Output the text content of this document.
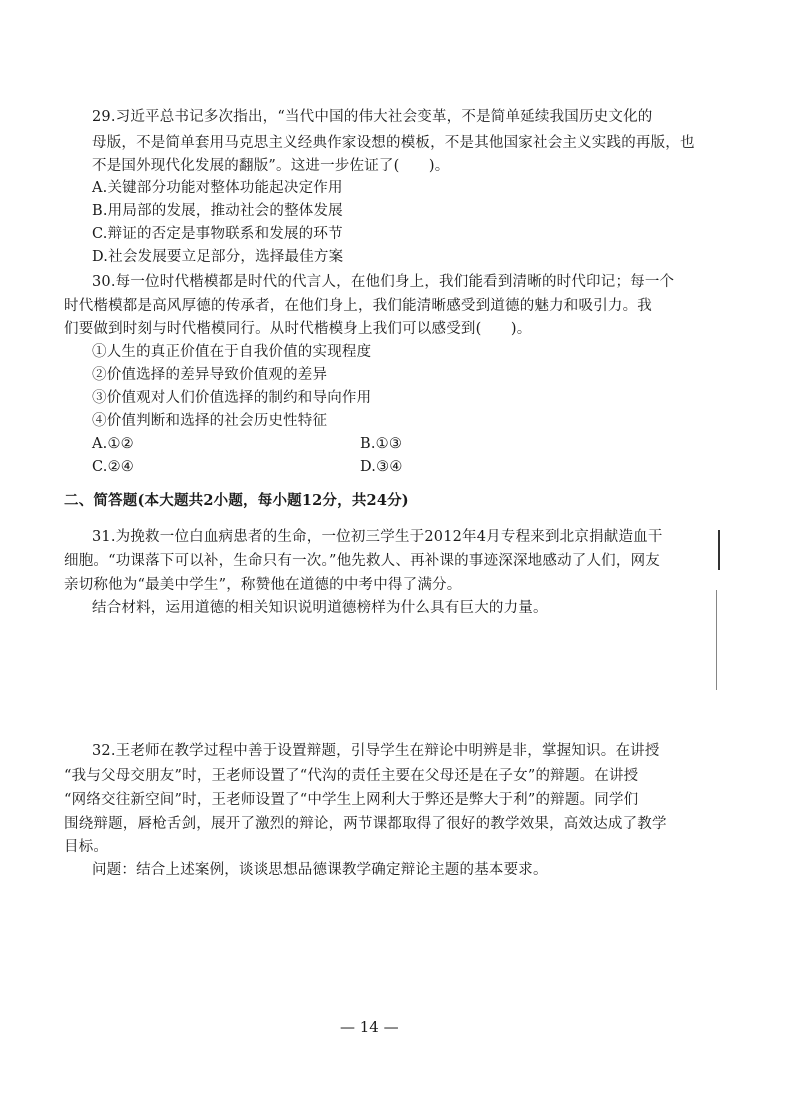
29.习近平总书记多次指出，“当代中国的伟大社会变革，不是简单延续我国历史文化的
母版，不是简单套用马克思主义经典作家设想的模板，不是其他国家社会主义实践的再版，也
不是国外现代化发展的翻版”。这进一步佐证了(　　)。
A.关键部分功能对整体功能起决定作用
B.用局部的发展，推动社会的整体发展
C.辩证的否定是事物联系和发展的环节
D.社会发展要立足部分，选择最佳方案
30.每一位时代楷模都是时代的代言人，在他们身上，我们能看到清晰的时代印记；每一个
时代楷模都是高风厚德的传承者，在他们身上，我们能清晰感受到道德的魅力和吸引力。我
们要做到时刻与时代楷模同行。从时代楷模身上我们可以感受到(　　)。
①人生的真正价值在于自我价值的实现程度
②价值选择的差异导致价值观的差异
③价值观对人们价值选择的制约和导向作用
④价值判断和选择的社会历史性特征
A.①②	B.①③
C.②④	D.③④
二、简答题(本大题共2小题，每小题12分，共24分)
31.为挽救一位白血病患者的生命，一位初三学生于2012年4月专程来到北京捐献造血干
细胞。“功课落下可以补，生命只有一次。”他先救人、再补课的事迹深深地感动了人们，网友
亲切称他为“最美中学生”，称赞他在道德的中考中得了满分。
结合材料，运用道德的相关知识说明道德榜样为什么具有巨大的力量。
32.王老师在教学过程中善于设置辩题，引导学生在辩论中明辨是非，掌握知识。在讲授
“我与父母交朋友”时，王老师设置了“代沟的责任主要在父母还是在子女”的辩题。在讲授
“网络交往新空间”时，王老师设置了“中学生上网利大于弊还是弊大于利”的辩题。同学们
围绕辩题，唇枪舌剑，展开了激烈的辩论，两节课都取得了很好的教学效果，高效达成了教学
目标。
问题：结合上述案例，谈谈思想品德课教学确定辩论主题的基本要求。
— 14 —
